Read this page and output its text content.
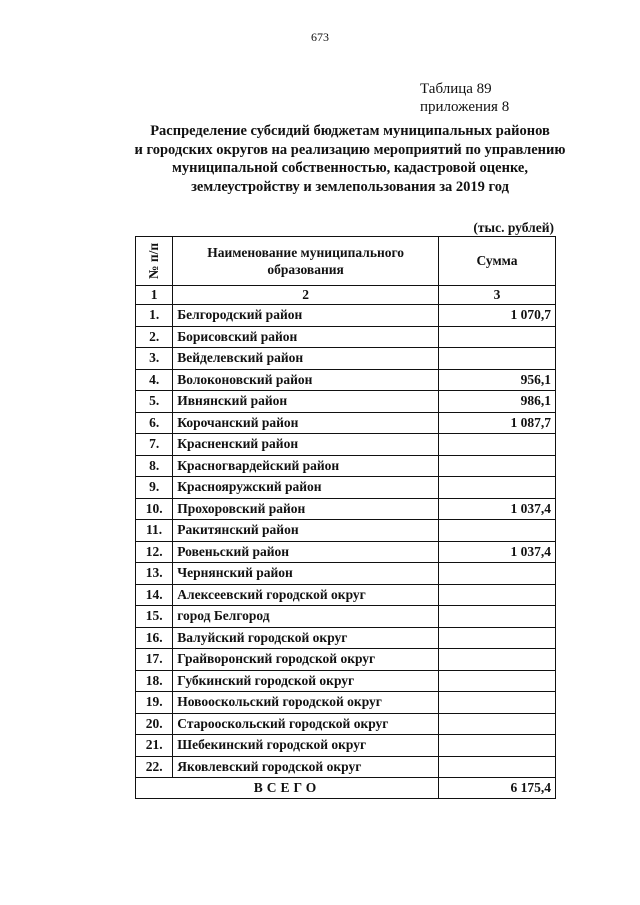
673
Таблица 89
приложения 8
Распределение субсидий бюджетам муниципальных районов
и городских округов на реализацию мероприятий по управлению
муниципальной собственностью, кадастровой оценке,
землеустройству и землепользования за 2019 год
(тыс. рублей)
№ п/п	Наименование муниципального образования	Сумма
1	2	3
1.	Белгородский район	1 070,7
2.	Борисовский район	
3.	Вейделевский район	
4.	Волоконовский район	956,1
5.	Ивнянский район	986,1
6.	Корочанский район	1 087,7
7.	Красненский район	
8.	Красногвардейский район	
9.	Краснояружский район	
10.	Прохоровский район	1 037,4
11.	Ракитянский район	
12.	Ровеньский район	1 037,4
13.	Чернянский район	
14.	Алексеевский городской округ	
15.	город Белгород	
16.	Валуйский городской округ	
17.	Грайворонский городской округ	
18.	Губкинский городской округ	
19.	Новооскольский городской округ	
20.	Старооскольский городской округ	
21.	Шебекинский городской округ	
22.	Яковлевский городской округ	
ВСЕГО		6 175,4
